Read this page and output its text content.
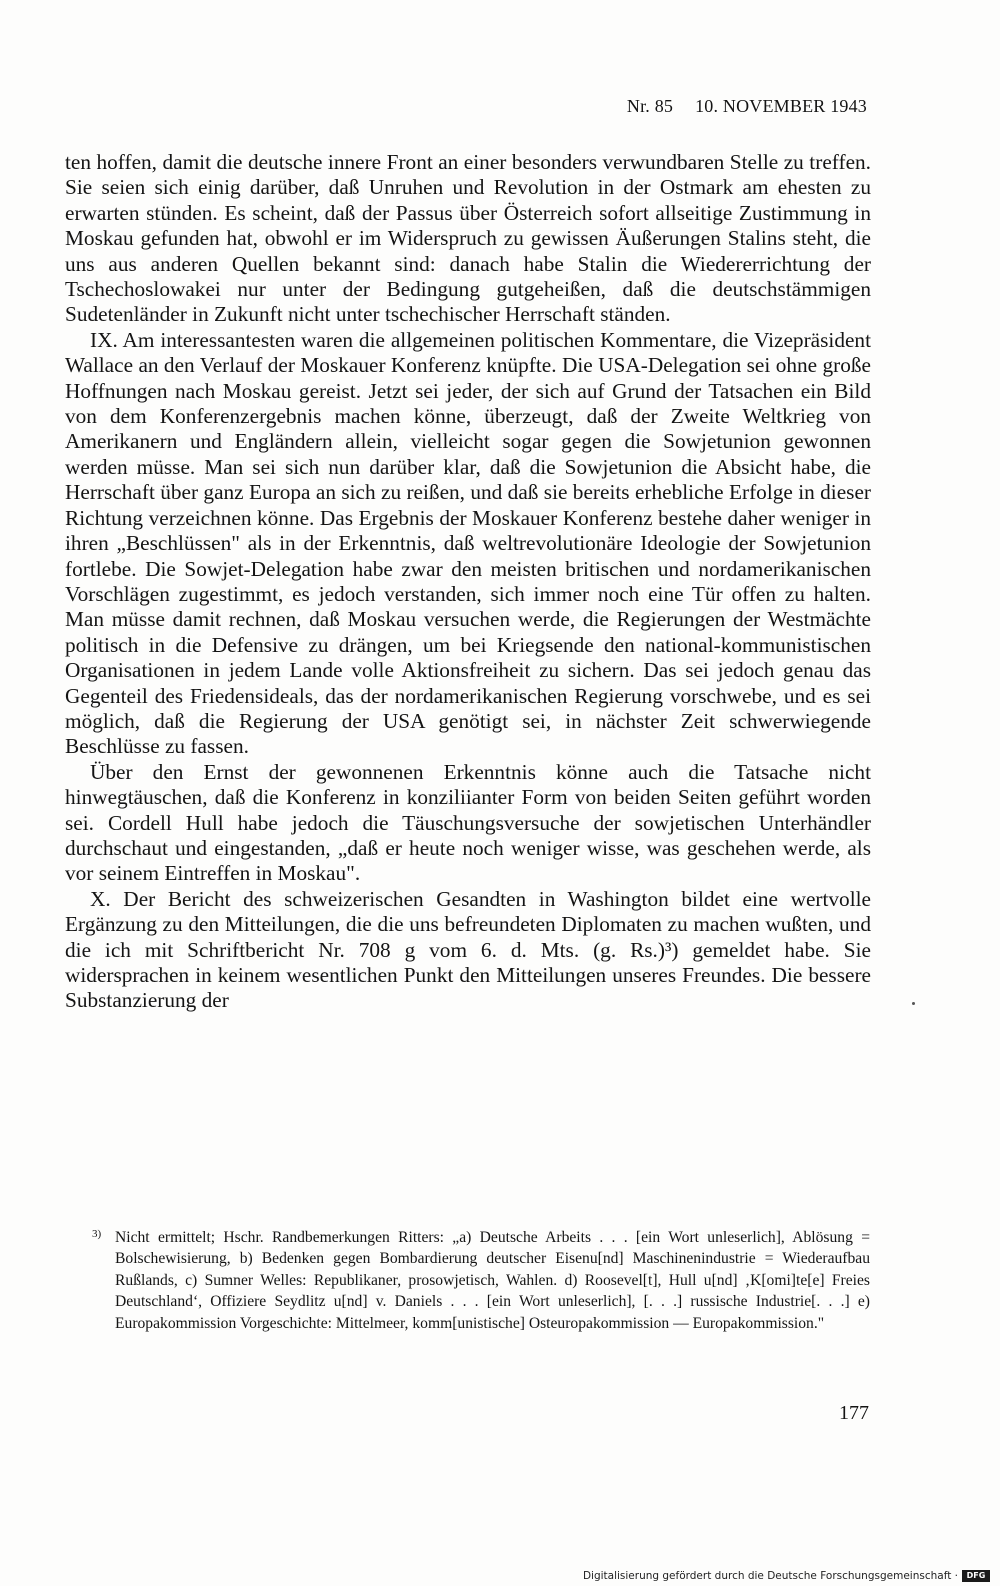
Nr. 85 10. NOVEMBER 1943

ten hoffen, damit die deutsche innere Front an einer besonders verwundbaren Stelle zu treffen. Sie seien sich einig darüber, daß Unruhen und Revolution in der Ostmark am ehesten zu erwarten stünden. Es scheint, daß der Passus über Österreich sofort allseitige Zustimmung in Moskau gefunden hat, obwohl er im Widerspruch zu gewissen Äußerungen Stalins steht, die uns aus anderen Quellen bekannt sind: danach habe Stalin die Wiedererrichtung der Tschechoslowakei nur unter der Bedingung gutgeheißen, daß die deutschstämmigen Sudetenländer in Zukunft nicht unter tschechischer Herrschaft ständen.

IX. Am interessantesten waren die allgemeinen politischen Kommentare, die Vizepräsident Wallace an den Verlauf der Moskauer Konferenz knüpfte. Die USA-Delegation sei ohne große Hoffnungen nach Moskau gereist. Jetzt sei jeder, der sich auf Grund der Tatsachen ein Bild von dem Konferenzergebnis machen könne, überzeugt, daß der Zweite Weltkrieg von Amerikanern und Engländern allein, vielleicht sogar gegen die Sowjetunion gewonnen werden müsse. Man sei sich nun darüber klar, daß die Sowjetunion die Absicht habe, die Herrschaft über ganz Europa an sich zu reißen, und daß sie bereits erhebliche Erfolge in dieser Richtung verzeichnen könne. Das Ergebnis der Moskauer Konferenz bestehe daher weniger in ihren „Beschlüssen" als in der Erkenntnis, daß weltrevolutionäre Ideologie der Sowjetunion fortlebe. Die Sowjet-Delegation habe zwar den meisten britischen und nordamerikanischen Vorschlägen zugestimmt, es jedoch verstanden, sich immer noch eine Tür offen zu halten. Man müsse damit rechnen, daß Moskau versuchen werde, die Regierungen der Westmächte politisch in die Defensive zu drängen, um bei Kriegsende den national-kommunistischen Organisationen in jedem Lande volle Aktionsfreiheit zu sichern. Das sei jedoch genau das Gegenteil des Friedensideals, das der nordamerikanischen Regierung vorschwebe, und es sei möglich, daß die Regierung der USA genötigt sei, in nächster Zeit schwerwiegende Beschlüsse zu fassen.

Über den Ernst der gewonnenen Erkenntnis könne auch die Tatsache nicht hinwegtäuschen, daß die Konferenz in konziliianter Form von beiden Seiten geführt worden sei. Cordell Hull habe jedoch die Täuschungsversuche der sowjetischen Unterhändler durchschaut und eingestanden, „daß er heute noch weniger wisse, was geschehen werde, als vor seinem Eintreffen in Moskau".

X. Der Bericht des schweizerischen Gesandten in Washington bildet eine wertvolle Ergänzung zu den Mitteilungen, die die uns befreundeten Diplomaten zu machen wußten, und die ich mit Schriftbericht Nr. 708 g vom 6. d. Mts. (g. Rs.)³) gemeldet habe. Sie widersprachen in keinem wesentlichen Punkt den Mitteilungen unseres Freundes. Die bessere Substanzierung der

3) Nicht ermittelt; Hschr. Randbemerkungen Ritters: „a) Deutsche Arbeits . . . [ein Wort unleserlich], Ablösung = Bolschewisierung, b) Bedenken gegen Bombardierung deutscher Eisenu[nd] Maschinenindustrie = Wiederaufbau Rußlands, c) Sumner Welles: Republikaner, prosowjetisch, Wahlen. d) Roosevel[t], Hull u[nd] ‚K[omi]te[e] Freies Deutschland‘, Offiziere Seydlitz u[nd] v. Daniels . . . [ein Wort unleserlich], [. . .] russische Industrie[. . .] e) Europakommission Vorgeschichte: Mittelmeer, komm[unistische] Osteuropakommission — Europakommission."

177
Digitalisierung gefördert durch die Deutsche Forschungsgemeinschaft ·	DFG
